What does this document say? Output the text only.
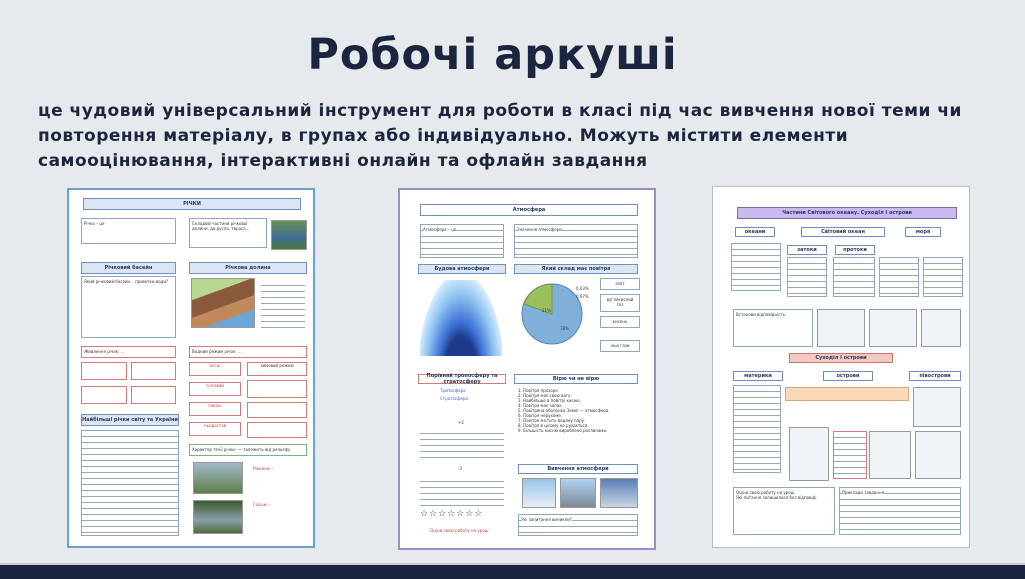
Робочі аркуші

це чудовий універсальний інструмент для роботи в класі під час вивчення нової теми чи повторення матеріалу, в групах або індивідуально. Можуть містити елементи самооцінювання, інтерактивні онлайн та офлайн завдання

РІЧКИ
Річка – це	Складові частини річкової долини, до русла, тераса...
Річковий басейн	Річкова долина
Який річковий басейн... примітки води?
Живлення річок: ...	Водний режим річок: ...
осінь	зимовий режим
сніговий
повінь
льодостав
Найбільші річки світу та України
Характер течії річки ---- залежить від рельєфу
Рівнинні –
Гірські –
Атмосфера
Атмосфера – це	Значення атмосфери
Будова атмосфери	Який склад має повітря
0,03%
0,97%
21%
78%
азот
вуглекислий газ
кисень
інші гази
Порівняй тропосферу та стратосферу	Вірю чи не вірю
Тропосфера
Стратосфера
+2
-3
1. Повітря прозоре.
2. Повітря має свою вагу.
3. Найбільше в повітрі кисню.
4. Повітря має запах.
5. Повітряна оболонка Землі — атмосфера.
6. Повітря нерухоме.
7. Повітря містить водяну пару.
8. Повітря в цілому не рухається.
9. Більшість кисню вироблено рослинами.
Вивчення атмосфери
☆☆☆☆☆☆☆
Оціни свою роботу на уроці
Які запитання виникли?
Частини Світового океану. Суходіл і острови
Світовий океан
океани	моря
затоки	протоки
Встанови відповідність
Суходіл і острови
материки	острови	півострови
Оціни свою роботу на уроці
Які питання залишилися без відповіді
Приклади завдання
